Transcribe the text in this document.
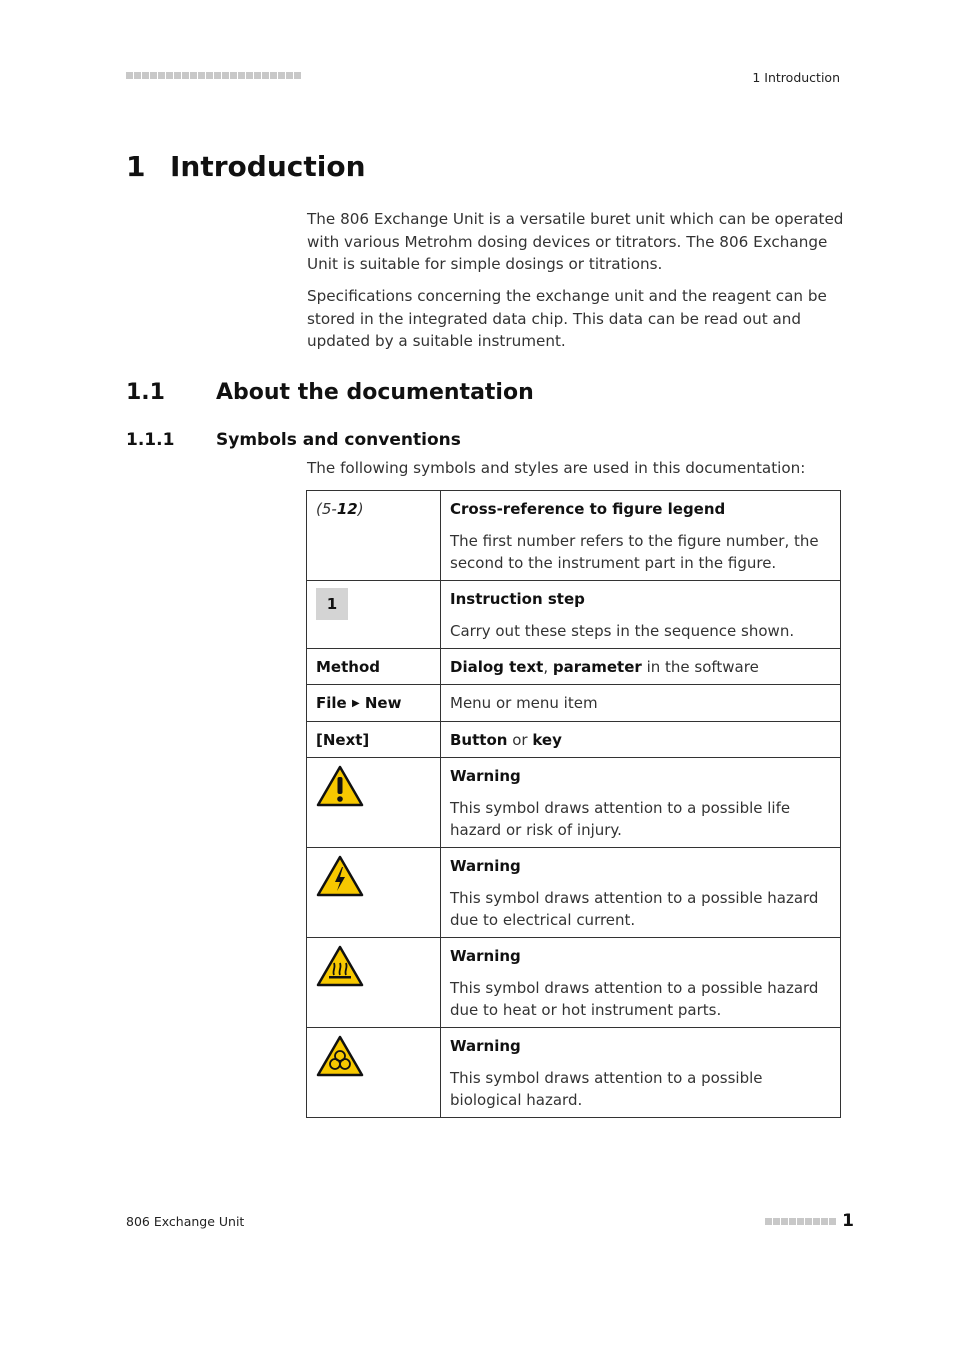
1 Introduction
1 Introduction

The 806 Exchange Unit is a versatile buret unit which can be operated with various Metrohm dosing devices or titrators. The 806 Exchange Unit is suitable for simple dosings or titrations.

Specifications concerning the exchange unit and the reagent can be stored in the integrated data chip. This data can be read out and updated by a suitable instrument.

1.1 About the documentation
1.1.1 Symbols and conventions

The following symbols and styles are used in this documentation:

(5-12)	Cross-reference to figure legend
The first number refers to the figure number, the second to the instrument part in the figure.

1	Instruction step
Carry out these steps in the sequence shown.

Method	Dialog text, parameter in the software
File ▶ New	Menu or menu item
[Next]	Button or key

Warning
This symbol draws attention to a possible life hazard or risk of injury.

Warning
This symbol draws attention to a possible hazard due to electrical current.

Warning
This symbol draws attention to a possible hazard due to heat or hot instrument parts.

Warning
This symbol draws attention to a possible biological hazard.
806 Exchange Unit	1
